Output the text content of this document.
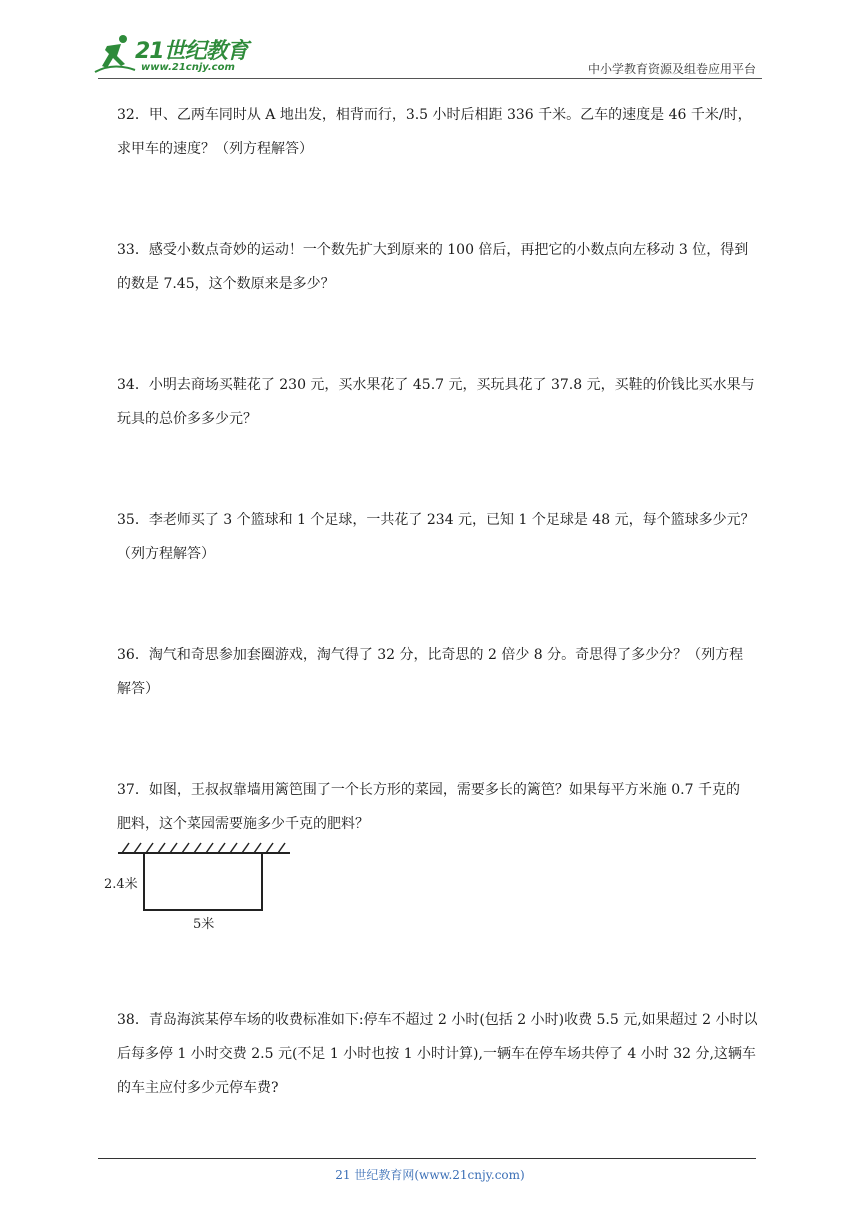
21世纪教育
www.21cnjy.com	中小学教育资源及组卷应用平台

32．甲、乙两车同时从 A 地出发，相背而行，3.5 小时后相距 336 千米。乙车的速度是 46 千米/时，

求甲车的速度？（列方程解答）

33．感受小数点奇妙的运动！一个数先扩大到原来的 100 倍后，再把它的小数点向左移动 3 位，得到

的数是 7.45，这个数原来是多少？

34．小明去商场买鞋花了 230 元，买水果花了 45.7 元，买玩具花了 37.8 元，买鞋的价钱比买水果与

玩具的总价多多少元？

35．李老师买了 3 个篮球和 1 个足球，一共花了 234 元，已知 1 个足球是 48 元，每个篮球多少元？

（列方程解答）

36．淘气和奇思参加套圈游戏，淘气得了 32 分，比奇思的 2 倍少 8 分。奇思得了多少分？（列方程

解答）

37．如图，王叔叔靠墙用篱笆围了一个长方形的菜园，需要多长的篱笆？如果每平方米施 0.7 千克的

肥料，这个菜园需要施多少千克的肥料？

2.4米
5米

38．青岛海滨某停车场的收费标准如下:停车不超过 2 小时(包括 2 小时)收费 5.5 元,如果超过 2 小时以

后每多停 1 小时交费 2.5 元(不足 1 小时也按 1 小时计算),一辆车在停车场共停了 4 小时 32 分,这辆车

的车主应付多少元停车费?

21 世纪教育网(www.21cnjy.com)
